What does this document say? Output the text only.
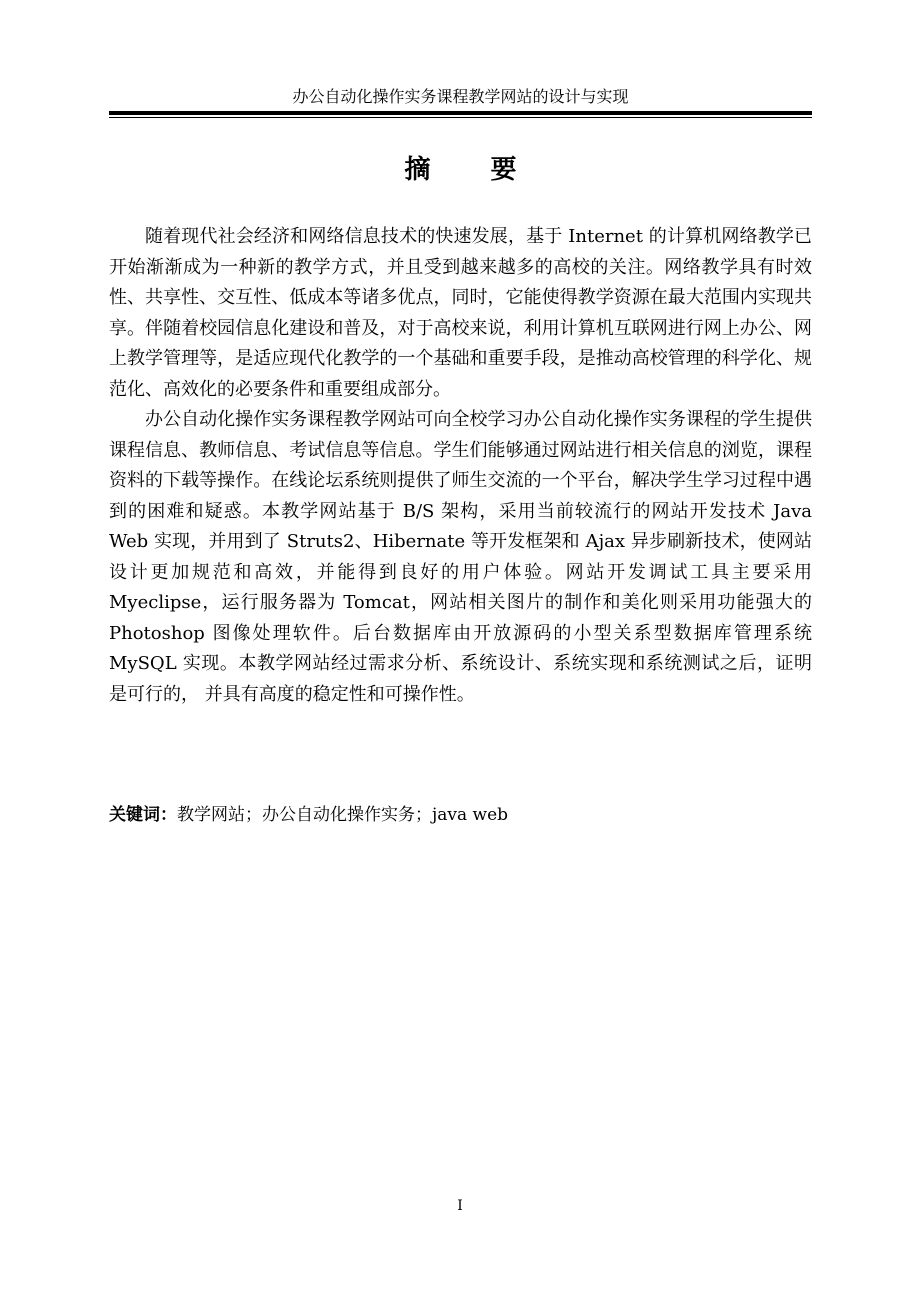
办公自动化操作实务课程教学网站的设计与实现
摘要

随着现代社会经济和网络信息技术的快速发展，基于 Internet 的计算机网络教学已开始渐渐成为一种新的教学方式，并且受到越来越多的高校的关注。网络教学具有时效性、共享性、交互性、低成本等诸多优点，同时，它能使得教学资源在最大范围内实现共享。伴随着校园信息化建设和普及，对于高校来说，利用计算机互联网进行网上办公、网上教学管理等，是适应现代化教学的一个基础和重要手段，是推动高校管理的科学化、规范化、高效化的必要条件和重要组成部分。

办公自动化操作实务课程教学网站可向全校学习办公自动化操作实务课程的学生提供课程信息、教师信息、考试信息等信息。学生们能够通过网站进行相关信息的浏览，课程资料的下载等操作。在线论坛系统则提供了师生交流的一个平台，解决学生学习过程中遇到的困难和疑惑。本教学网站基于 B/S 架构，采用当前较流行的网站开发技术 Java Web 实现，并用到了 Struts2、Hibernate 等开发框架和 Ajax 异步刷新技术，使网站设计更加规范和高效，并能得到良好的用户体验。网站开发调试工具主要采用 Myeclipse，运行服务器为 Tomcat，网站相关图片的制作和美化则采用功能强大的 Photoshop 图像处理软件。后台数据库由开放源码的小型关系型数据库管理系统 MySQL 实现。本教学网站经过需求分析、系统设计、系统实现和系统测试之后，证明是可行的， 并具有高度的稳定性和可操作性。

关键词：教学网站；办公自动化操作实务；java web
I
